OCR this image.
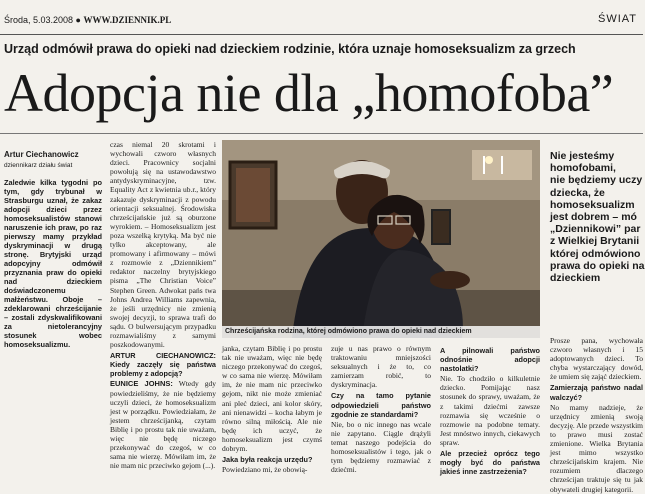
Środa, 5.03.2008 ● WWW.DZIENNIK.PL	ŚWIAT
Urząd odmówił prawa do opieki nad dzieckiem rodzinie, która uznaje homoseksualizm za grzech
Adopcja nie dla „homofoba”
Artur Ciechanowicz
dziennikarz działu świat
Zaledwie kilka tygodni po tym, gdy trybunał w Strasburgu uznał, że zakaz adopcji dzieci przez homoseksualistów stanowi naruszenie ich praw, po raz pierwszy mamy przykład dyskryminacji w drugą stronę. Brytyjski urząd adopcyjny odmówił przyznania praw do opieki nad dzieckiem doświadczonemu małżeństwu. Oboje – zdeklarowani chrześcijanie – zostali zdyskwalifikowani za nietolerancyjny stosunek wobec homoseksualizmu.

czas niemal 20 skrotami i wychowali czworo własnych dzieci. Pracownicy socjalni powołują się na ustawodawstwo antydyskryminacyjne, tzw. Equality Act z kwietnia ub.r., który zakazuje dyskryminacji z powodu orientacji seksualnej. Środowiska chrześcijańskie już są oburzone wyrokiem. – Homoseksualizm jest poza wszelką krytyką. Ma być nie tylko akceptowany, ale promowany i afirmowany – mówi z rozmowie z „Dziennikiem” redaktor naczelny brytyjskiego pisma „The Christian Voice” Stephen Green. Adwokat pańs twa Johns Andrea Williams zapewnia, że jeśli urzędnicy nie zmienią swojej decyzji, to sprawa trafi do sądu. O bulwersującym przypadku rozmawialiśmy z samymi poszkodowanymi.

ARTUR CIECHANOWICZ: Kiedy zaczęły się państwa problemy z adopcją?

EUNICE JOHNS: Wtedy gdy powiedzieliśmy, że nie będziemy uczyli dzieci, że homoseksualizm jest w porządku. Powiedziałam, że jestem chrześcijanką, czytam Biblię i po prostu tak nie uważam, więc nie będę niczego przekonywać do czegoś, w co sama nie wierzę. Mówiłam im, że nie mam nic przeciwko gejom (...).

Chrześcijańska rodzina, której odmówiono prawa do opieki nad dzieckiem

janka, czytam Biblię i po prostu tak nie uważam, więc nie będę niczego przekonywać do czegoś, w co sama nie wierzę. Mówiłam im, że nie mam nic przeciwko gejom, nikt nie może zmieniać ani pleć dzieci, ani kolor skóry, ani nienawidzi – kocha łabym je równo silną miłością. Ale nie będę ich uczyć, że homoseksualizm jest czymś dobrym.

Jaka była reakcja urzędu?

Powiedziano mi, że obowią-

zuje u nas prawo o równym traktowaniu mniejszości seksualnych i że to, co zamierzam robić, to dyskryminacja.

Czy na tamo pytanie odpowiedzieli państwo zgodnie ze standardami?

Nie, bo o nic innego nas wcale nie zapytano. Ciągle drążyli temat naszego podejścia do homoseksualistów i tego, jak o tym będziemy rozmawiać z dziećmi.

A pilnowali państwo odnośnie adopcji nastolatki?

Nie. To chodziło o kilkuletnie dziecko. Pomijając nasz stosunek do sprawy, uważam, że z takimi dziećmi zawsze rozmawia się wcześnie o rozmowie na podobne tematy. Jest mnóstwo innych, ciekawych spraw.

Ale przecież oprócz tego mogły być do państwa jakieś inne zastrzeżenia?

Nie jesteśmy
homofobami,
nie będziemy uczy
dziecka, że
homoseksualizm
jest dobrem – mó
„Dziennikowi” par
z Wielkiej Brytanii
której odmówiono
prawa do opieki na
dzieckiem

Prosze pana, wychowała czworo własnych i 15 adoptowanych dzieci. To chyba wystarczający dowód, że umiem się zająć dzieckiem.

Zamierzają państwo nadal walczyć?

No mamy nadzieje, że urzędnicy zmienią swoją decyzję. Ale przede wszystkim to prawo musi zostać zmienione. Wielka Brytania jest mimo wszystko chrześcijańskim krajem. Nie rozumiem dlaczego chrześcijan traktuje się tu jak obywateli drugiej kategorii.
